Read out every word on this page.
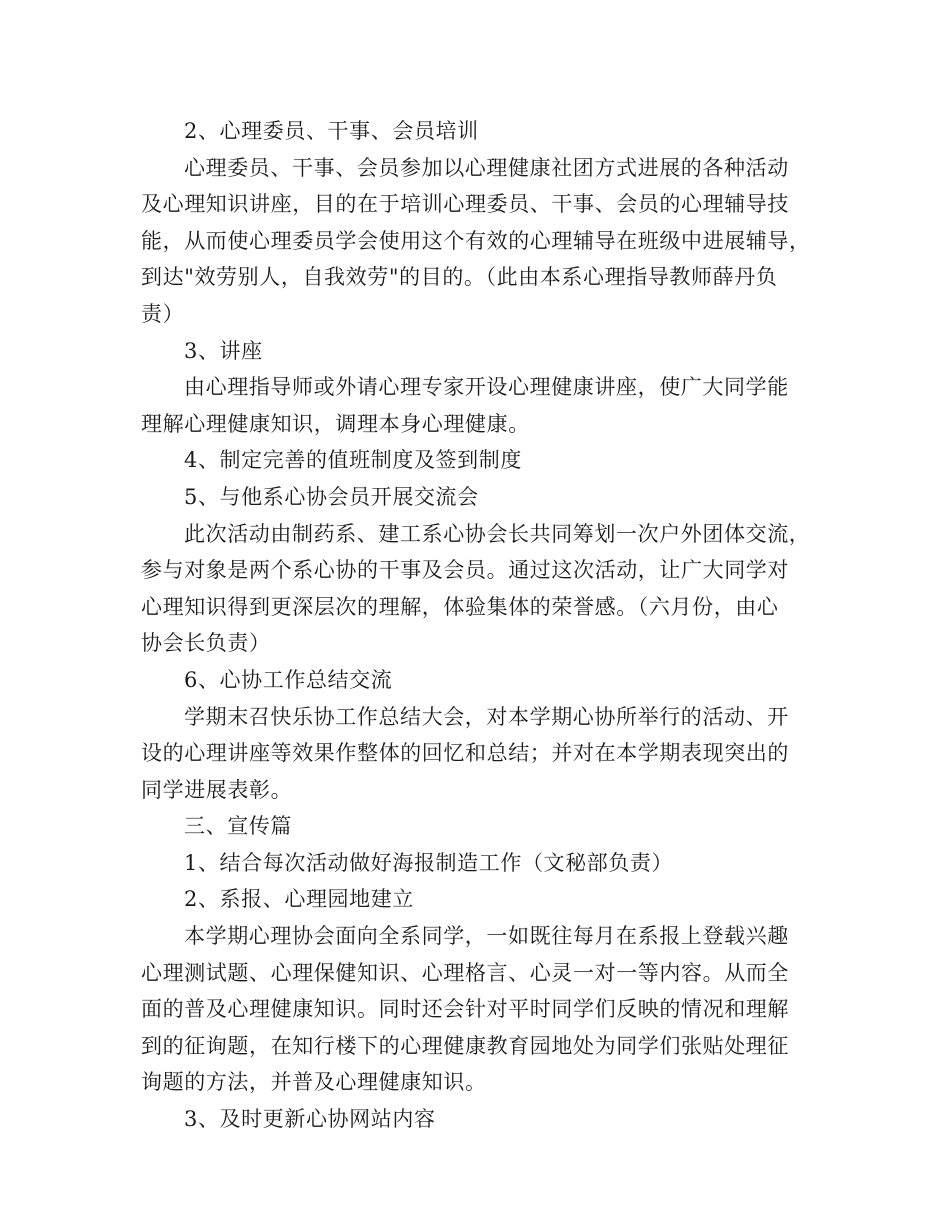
2、心理委员、干事、会员培训
心理委员、干事、会员参加以心理健康社团方式进展的各种活动
及心理知识讲座，目的在于培训心理委员、干事、会员的心理辅导技
能，从而使心理委员学会使用这个有效的心理辅导在班级中进展辅导，
到达"效劳别人，自我效劳"的目的。（此由本系心理指导教师薛丹负
责）
3、讲座
由心理指导师或外请心理专家开设心理健康讲座，使广大同学能
理解心理健康知识，调理本身心理健康。
4、制定完善的值班制度及签到制度
5、与他系心协会员开展交流会
此次活动由制药系、建工系心协会长共同筹划一次户外团体交流，
参与对象是两个系心协的干事及会员。通过这次活动，让广大同学对
心理知识得到更深层次的理解，体验集体的荣誉感。（六月份，由心
协会长负责）
6、心协工作总结交流
学期末召快乐协工作总结大会，对本学期心协所举行的活动、开
设的心理讲座等效果作整体的回忆和总结；并对在本学期表现突出的
同学进展表彰。
三、宣传篇
1、结合每次活动做好海报制造工作（文秘部负责）
2、系报、心理园地建立
本学期心理协会面向全系同学，一如既往每月在系报上登载兴趣
心理测试题、心理保健知识、心理格言、心灵一对一等内容。从而全
面的普及心理健康知识。同时还会针对平时同学们反映的情况和理解
到的征询题，在知行楼下的心理健康教育园地处为同学们张贴处理征
询题的方法，并普及心理健康知识。
3、及时更新心协网站内容
